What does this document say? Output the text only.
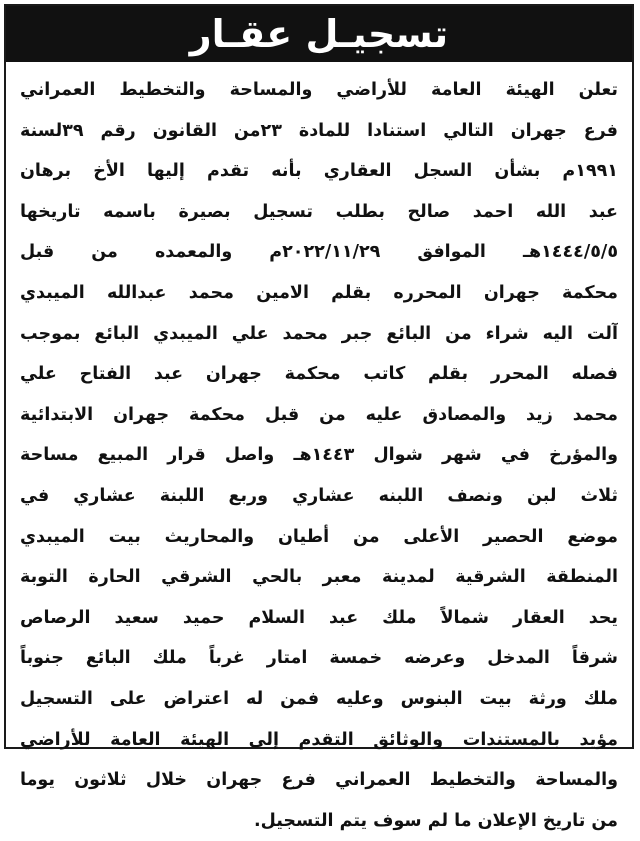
تسجيـل عقـار
تعلن الهيئة العامة للأراضي والمساحة والتخطيط العمراني
فرع جهران التالي استنادا للمادة ٢٣من القانون رقم ٣٩لسنة
١٩٩١م بشأن السجل العقاري بأنه تقدم إليها الأخ برهان
عبد الله احمد صالح بطلب تسجيل بصيرة باسمه تاريخها
١٤٤٤/٥/٥هـ الموافق ٢٠٢٢/١١/٢٩م والمعمده من قبل
محكمة جهران المحرره بقلم الامين محمد عبدالله الميبدي
آلت اليه شراء من البائع جبر محمد علي الميبدي البائع بموجب
فصله المحرر بقلم كاتب محكمة جهران عبد الفتاح علي
محمد زيد والمصادق عليه من قبل محكمة جهران الابتدائية
والمؤرخ في شهر شوال ١٤٤٣هـ واصل قرار المبيع مساحة
ثلاث لبن ونصف اللبنه عشاري وربع اللبنة عشاري في
موضع الحصير الأعلى من أطيان والمحاريث بيت الميبدي
المنطقة الشرقية لمدينة معبر بالحي الشرقي الحارة التوبة
يحد العقار شمالاً ملك عبد السلام حميد سعيد الرصاص
شرقاً المدخل وعرضه خمسة امتار غرباً ملك البائع جنوباً
ملك ورثة بيت البنوس وعليه فمن له اعتراض على التسجيل
مؤيد بالمستندات والوثائق التقدم إلى الهيئة العامة للأراضي
والمساحة والتخطيط العمراني فرع جهران خلال ثلاثون يوما
من تاريخ الإعلان ما لم سوف يتم التسجيل.
